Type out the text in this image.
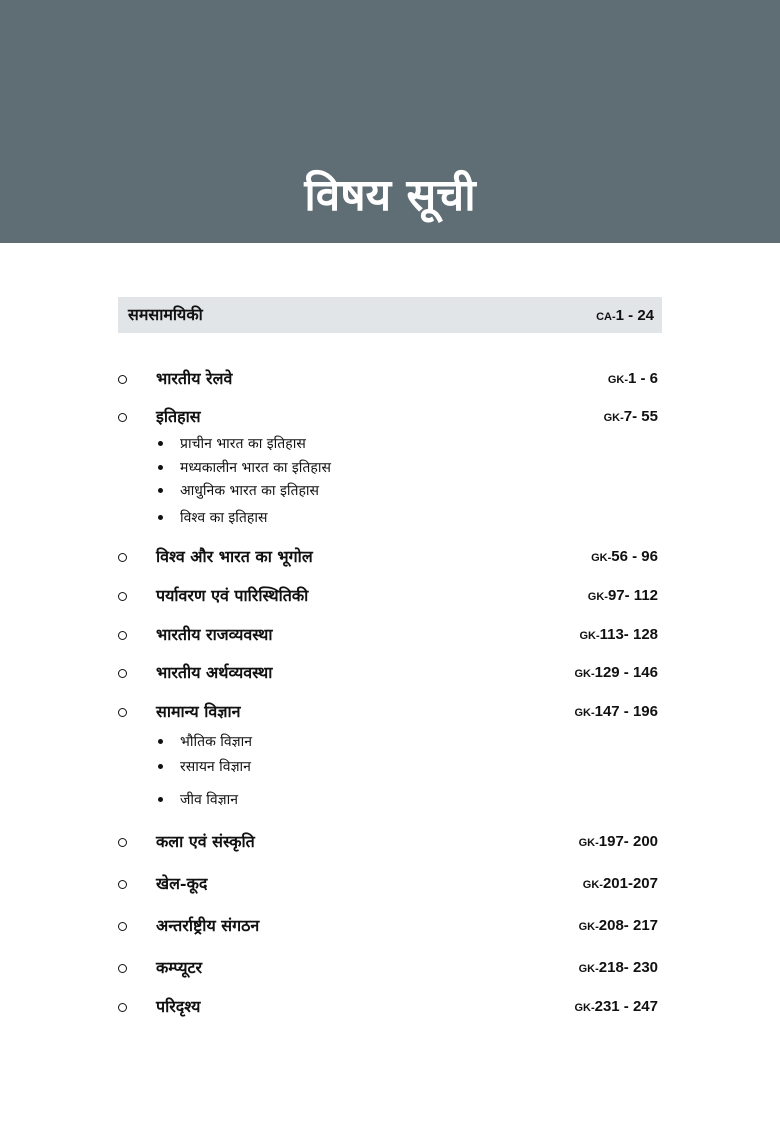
विषय सूची
समसामयिकी	CA-1 - 24
भारतीय रेलवे	GK-1 - 6
इतिहास	GK-7- 55
प्राचीन भारत का इतिहास
मध्यकालीन भारत का इतिहास
आधुनिक भारत का इतिहास
विश्व का इतिहास
विश्व और भारत का भूगोल	GK-56 - 96
पर्यावरण एवं पारिस्थितिकी	GK-97- 112
भारतीय राजव्यवस्था	GK-113- 128
भारतीय अर्थव्यवस्था	GK-129 - 146
सामान्य विज्ञान	GK-147 - 196
भौतिक विज्ञान
रसायन विज्ञान
जीव विज्ञान
कला एवं संस्कृति	GK-197- 200
खेल-कूद	GK-201-207
अन्तर्राष्ट्रीय संगठन	GK-208- 217
कम्प्यूटर	GK-218- 230
परिदृश्य	GK-231 - 247
